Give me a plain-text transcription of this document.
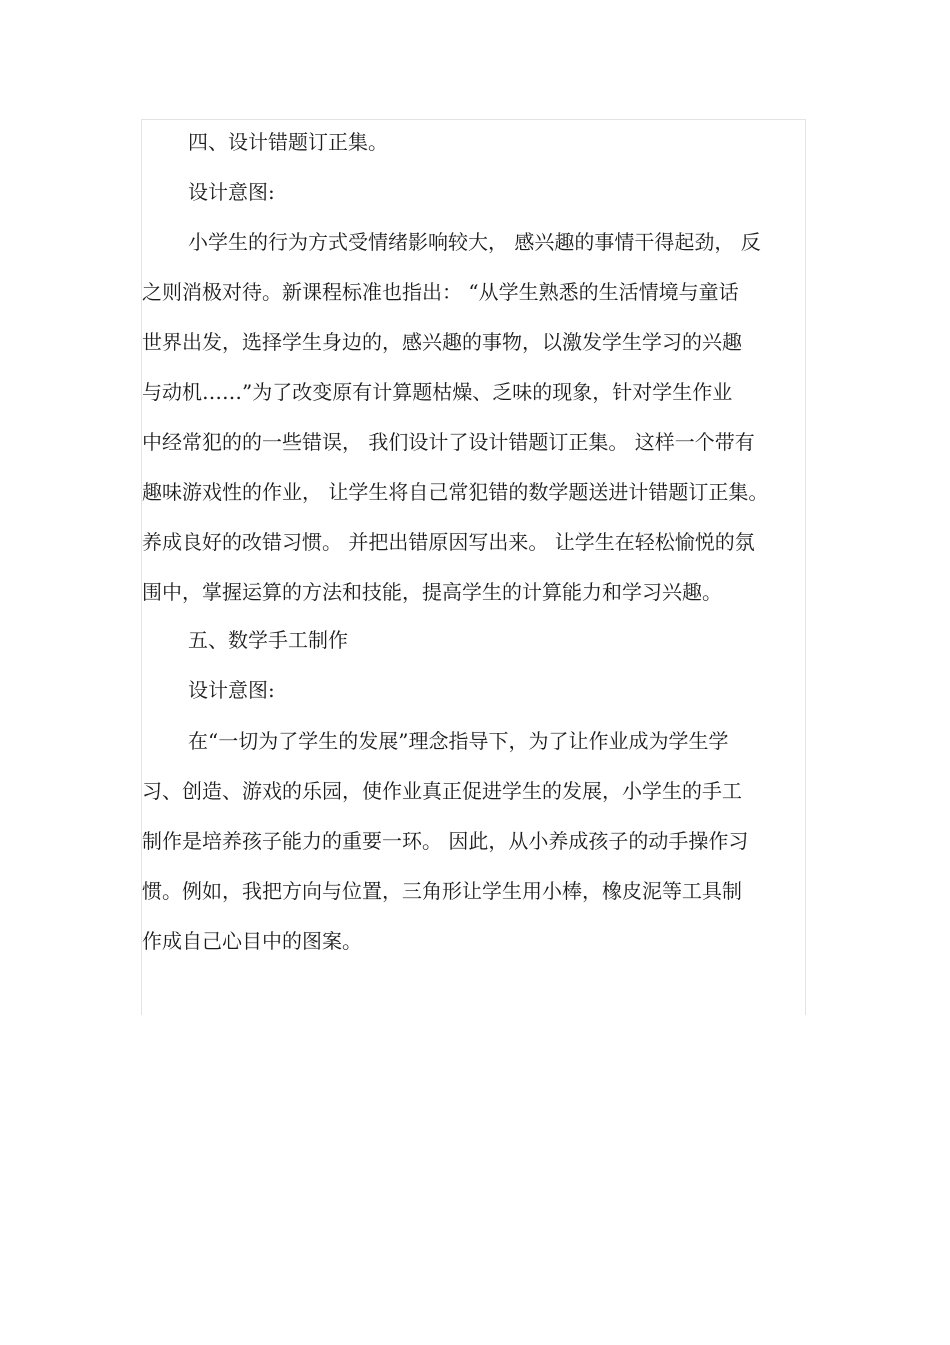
四、设计错题订正集。
设计意图:
小学生的行为方式受情绪影响较大， 感兴趣的事情干得起劲， 反
之则消极对待。新课程标准也指出： “从学生熟悉的生活情境与童话
世界出发，选择学生身边的，感兴趣的事物，以激发学生学习的兴趣
与动机……”为了改变原有计算题枯燥、乏味的现象，针对学生作业
中经常犯的的一些错误， 我们设计了设计错题订正集。 这样一个带有
趣味游戏性的作业， 让学生将自己常犯错的数学题送进计错题订正集。
养成良好的改错习惯。 并把出错原因写出来。 让学生在轻松愉悦的氛
围中，掌握运算的方法和技能，提高学生的计算能力和学习兴趣。
五、数学手工制作
设计意图:
在“一切为了学生的发展”理念指导下，为了让作业成为学生学
习、创造、游戏的乐园，使作业真正促进学生的发展，小学生的手工
制作是培养孩子能力的重要一环。 因此，从小养成孩子的动手操作习
惯。例如，我把方向与位置，三角形让学生用小棒，橡皮泥等工具制
作成自己心目中的图案。
